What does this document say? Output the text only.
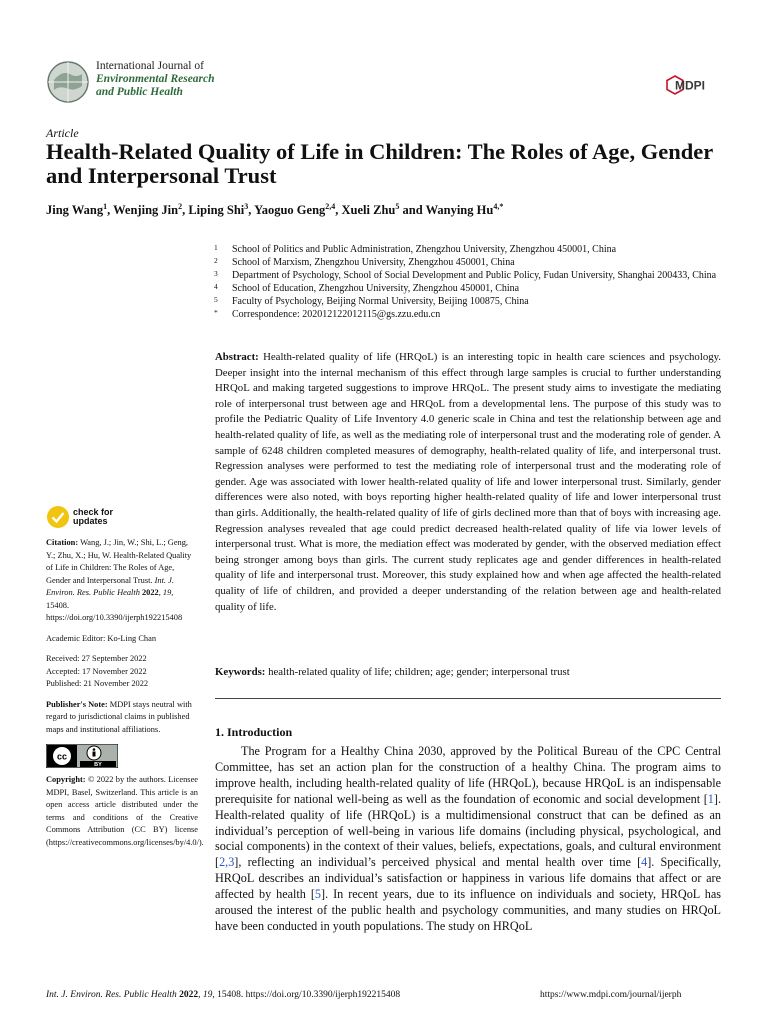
International Journal of
Environmental Research
and Public Health	MDPI
Article
Health-Related Quality of Life in Children: The Roles of Age, Gender and Interpersonal Trust
Jing Wang$^1$, Wenjing Jin$^2$, Liping Shi$^3$, Yaoguo Geng$^{2,4}$, Xueli Zhu$^5$ and Wanying $Hu^{4,*}$
1 School of Politics and Public Administration, Zhengzhou University, Zhengzhou 450001, China
2 School of Marxism, Zhengzhou University, Zhengzhou 450001, China
3 Department of Psychology, School of Social Development and Public Policy, Fudan University, Shanghai 200433, China
4 School of Education, Zhengzhou University, Zhengzhou 450001, China
5 Faculty of Psychology, Beijing Normal University, Beijing 100875, China
* Correspondence: 202012122012115@gs.zzu.edu.cn
Abstract: Health-related quality of life (HRQoL) is an interesting topic in health care sciences and psychology. Deeper insight into the internal mechanism of this effect through large samples is crucial to further understanding HRQoL and making targeted suggestions to improve HRQoL. The present study aims to investigate the mediating role of interpersonal trust between age and HRQoL from a developmental lens. The purpose of this study was to profile the Pediatric Quality of Life Inventory 4.0 generic scale in China and test the relationship between age and health-related quality of life, as well as the mediating role of interpersonal trust and the moderating role of gender. A sample of 6248 children completed measures of demography, health-related quality of life, and interpersonal trust. Regression analyses were performed to test the mediating role of interpersonal trust and the moderating role of gender. Age was associated with lower health-related quality of life and lower interpersonal trust. Similarly, gender differences were also noted, with boys reporting higher health-related quality of life and lower interpersonal trust than girls. Additionally, the health-related quality of life of girls declined more than that of boys with increasing age. Regression analyses revealed that age could predict decreased health-related quality of life via lower levels of interpersonal trust. What is more, the mediation effect was moderated by gender, with the observed mediation effect being stronger among boys than girls. The current study replicates age and gender differences in health-related quality of life and interpersonal trust. Moreover, this study explained how and when age affected the health-related quality of life of children, and provided a deeper understanding of the relation between age and health-related quality of life.
Keywords: health-related quality of life; children; age; gender; interpersonal trust
check for
updates
Citation: Wang, J.; Jin, W.; Shi, L.; Geng, Y.; Zhu, X.; Hu, W. Health-Related Quality of Life in Children: The Roles of Age, Gender and Interpersonal Trust. Int. J. Environ. Res. Public Health 2022, 19, 15408. https://doi.org/10.3390/ijerph192215408
Academic Editor: Ko-Ling Chan
Received: 27 September 2022
Accepted: 17 November 2022
Published: 21 November 2022
Publisher's Note: MDPI stays neutral with regard to jurisdictional claims in published maps and institutional affiliations.
cc
BY
Copyright: © 2022 by the authors. Licensee MDPI, Basel, Switzerland. This article is an open access article distributed under the terms and conditions of the Creative Commons Attribution (CC BY) license (https://creativecommons.org/licenses/by/4.0/).
1. Introduction
The Program for a Healthy China 2030, approved by the Political Bureau of the CPC Central Committee, has set an action plan for the construction of a healthy China. The program aims to improve health, including health-related quality of life (HRQoL), because HRQoL is an indispensable prerequisite for national well-being as well as the foundation of economic and social development [1]. Health-related quality of life (HRQoL) is a multidimensional construct that can be defined as an individual’s perception of well-being in various life domains (including physical, psychological, and social components) in the context of their values, beliefs, expectations, goals, and cultural environment [2,3], reflecting an individual’s perceived physical and mental health over time [4]. Specifically, HRQoL describes an individual’s satisfaction or happiness in various life domains that affect or are affected by health [5]. In recent years, due to its influence on individuals and society, HRQoL has aroused the interest of the public health and psychology communities, and many studies on HRQoL have been conducted in youth populations. The study on HRQoL
Int. J. Environ. Res. Public Health 2022, 19, 15408. https://doi.org/10.3390/ijerph192215408	https://www.mdpi.com/journal/ijerph
